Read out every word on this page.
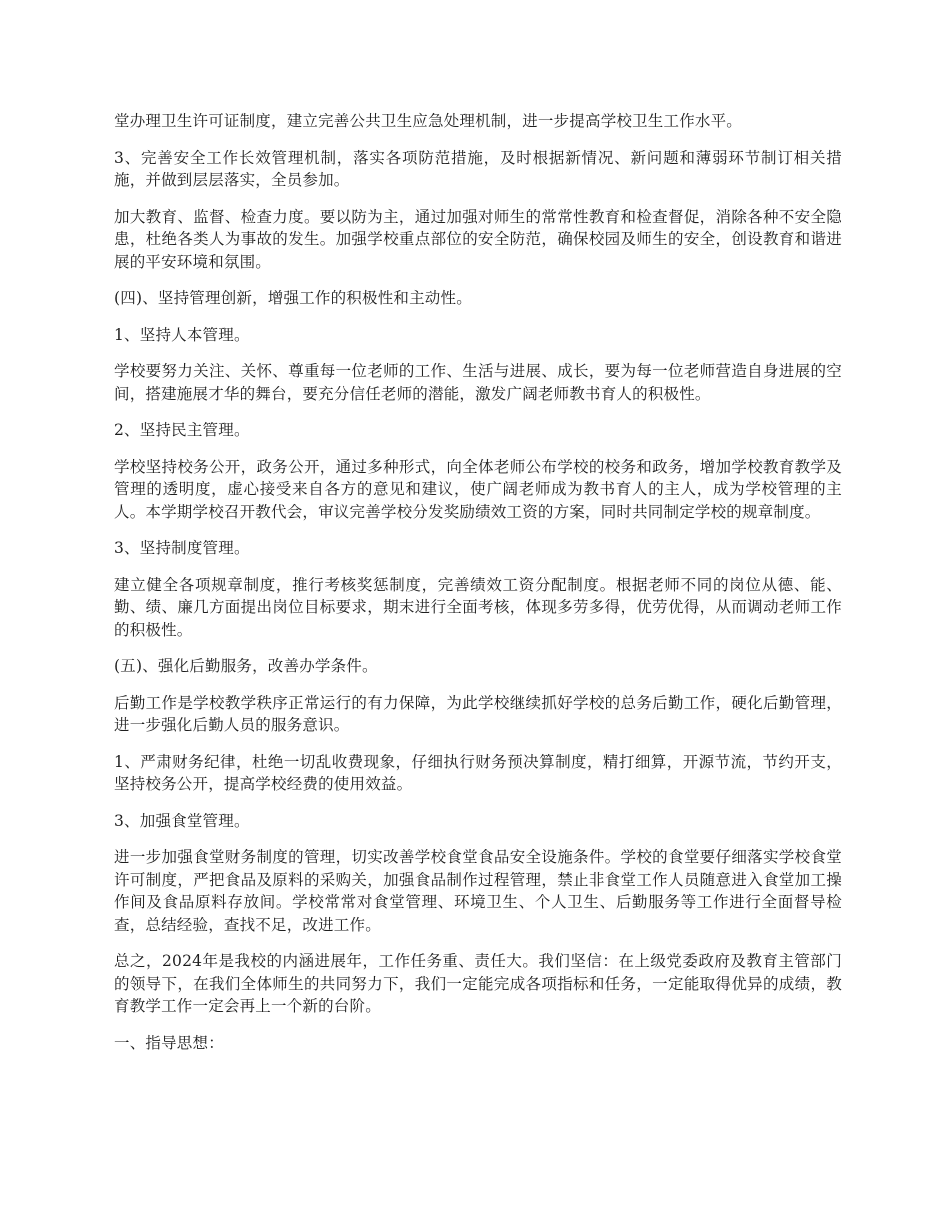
堂办理卫生许可证制度，建立完善公共卫生应急处理机制，进一步提高学校卫生工作水平。

3、完善安全工作长效管理机制，落实各项防范措施，及时根据新情况、新问题和薄弱环节制订相关措施，并做到层层落实，全员参加。

加大教育、监督、检查力度。要以防为主，通过加强对师生的常常性教育和检查督促，消除各种不安全隐患，杜绝各类人为事故的发生。加强学校重点部位的安全防范，确保校园及师生的安全，创设教育和谐进展的平安环境和氛围。

(四)、坚持管理创新，增强工作的积极性和主动性。

1、坚持人本管理。

学校要努力关注、关怀、尊重每一位老师的工作、生活与进展、成长，要为每一位老师营造自身进展的空间，搭建施展才华的舞台，要充分信任老师的潜能，激发广阔老师教书育人的积极性。

2、坚持民主管理。

学校坚持校务公开，政务公开，通过多种形式，向全体老师公布学校的校务和政务，增加学校教育教学及管理的透明度，虚心接受来自各方的意见和建议，使广阔老师成为教书育人的主人，成为学校管理的主人。本学期学校召开教代会，审议完善学校分发奖励绩效工资的方案，同时共同制定学校的规章制度。

3、坚持制度管理。

建立健全各项规章制度，推行考核奖惩制度，完善绩效工资分配制度。根据老师不同的岗位从德、能、勤、绩、廉几方面提出岗位目标要求，期末进行全面考核，体现多劳多得，优劳优得，从而调动老师工作的积极性。

(五)、强化后勤服务，改善办学条件。

后勤工作是学校教学秩序正常运行的有力保障，为此学校继续抓好学校的总务后勤工作，硬化后勤管理，进一步强化后勤人员的服务意识。

1、严肃财务纪律，杜绝一切乱收费现象，仔细执行财务预决算制度，精打细算，开源节流，节约开支，坚持校务公开，提高学校经费的使用效益。

3、加强食堂管理。

进一步加强食堂财务制度的管理，切实改善学校食堂食品安全设施条件。学校的食堂要仔细落实学校食堂许可制度，严把食品及原料的采购关，加强食品制作过程管理，禁止非食堂工作人员随意进入食堂加工操作间及食品原料存放间。学校常常对食堂管理、环境卫生、个人卫生、后勤服务等工作进行全面督导检查，总结经验，查找不足，改进工作。

总之，2024年是我校的内涵进展年，工作任务重、责任大。我们坚信：在上级党委政府及教育主管部门的领导下，在我们全体师生的共同努力下，我们一定能完成各项指标和任务，一定能取得优异的成绩，教育教学工作一定会再上一个新的台阶。

一、指导思想：
